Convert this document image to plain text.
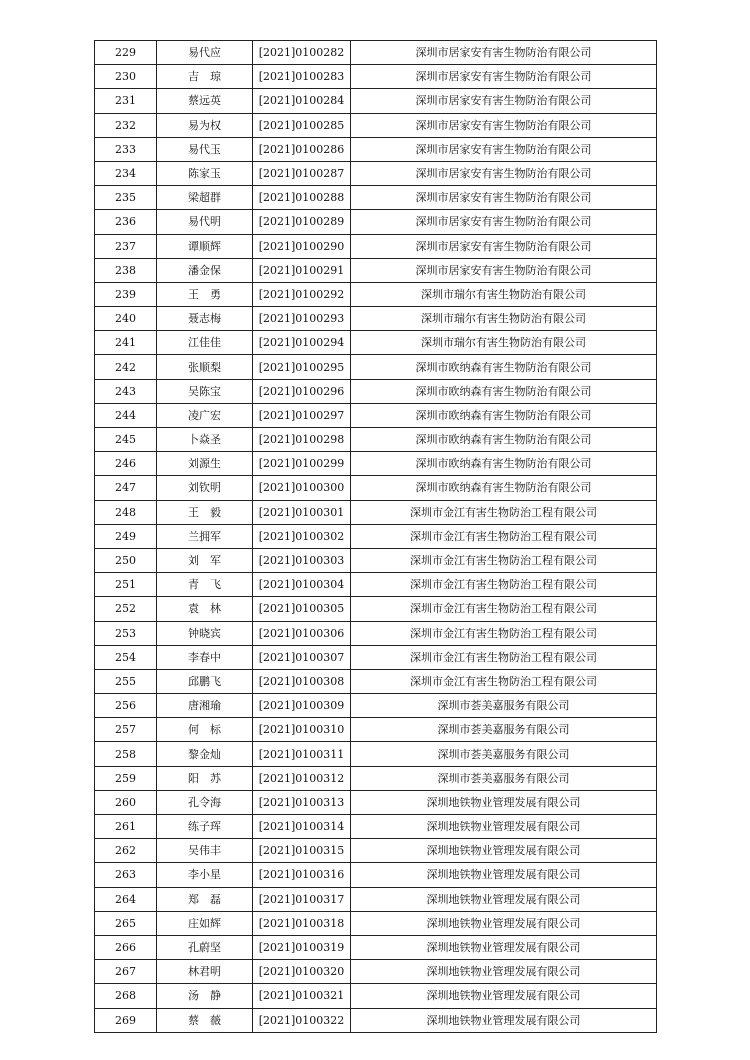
229	易代应	[2021]0100282	深圳市居家安有害生物防治有限公司
230	吉　琼	[2021]0100283	深圳市居家安有害生物防治有限公司
231	蔡远英	[2021]0100284	深圳市居家安有害生物防治有限公司
232	易为权	[2021]0100285	深圳市居家安有害生物防治有限公司
233	易代玉	[2021]0100286	深圳市居家安有害生物防治有限公司
234	陈家玉	[2021]0100287	深圳市居家安有害生物防治有限公司
235	梁超群	[2021]0100288	深圳市居家安有害生物防治有限公司
236	易代明	[2021]0100289	深圳市居家安有害生物防治有限公司
237	谭顺辉	[2021]0100290	深圳市居家安有害生物防治有限公司
238	潘金保	[2021]0100291	深圳市居家安有害生物防治有限公司
239	王　勇	[2021]0100292	深圳市瑞尔有害生物防治有限公司
240	聂志梅	[2021]0100293	深圳市瑞尔有害生物防治有限公司
241	江佳佳	[2021]0100294	深圳市瑞尔有害生物防治有限公司
242	张顺梨	[2021]0100295	深圳市欧纳森有害生物防治有限公司
243	吴陈宝	[2021]0100296	深圳市欧纳森有害生物防治有限公司
244	凌广宏	[2021]0100297	深圳市欧纳森有害生物防治有限公司
245	卜焱圣	[2021]0100298	深圳市欧纳森有害生物防治有限公司
246	刘源生	[2021]0100299	深圳市欧纳森有害生物防治有限公司
247	刘钦明	[2021]0100300	深圳市欧纳森有害生物防治有限公司
248	王　毅	[2021]0100301	深圳市金江有害生物防治工程有限公司
249	兰拥军	[2021]0100302	深圳市金江有害生物防治工程有限公司
250	刘　军	[2021]0100303	深圳市金江有害生物防治工程有限公司
251	青　飞	[2021]0100304	深圳市金江有害生物防治工程有限公司
252	袁　林	[2021]0100305	深圳市金江有害生物防治工程有限公司
253	钟晓宾	[2021]0100306	深圳市金江有害生物防治工程有限公司
254	李春中	[2021]0100307	深圳市金江有害生物防治工程有限公司
255	邱鹏飞	[2021]0100308	深圳市金江有害生物防治工程有限公司
256	唐湘瑜	[2021]0100309	深圳市荟美嘉服务有限公司
257	何　标	[2021]0100310	深圳市荟美嘉服务有限公司
258	黎金灿	[2021]0100311	深圳市荟美嘉服务有限公司
259	阳　苏	[2021]0100312	深圳市荟美嘉服务有限公司
260	孔令海	[2021]0100313	深圳地铁物业管理发展有限公司
261	练子珲	[2021]0100314	深圳地铁物业管理发展有限公司
262	吴伟丰	[2021]0100315	深圳地铁物业管理发展有限公司
263	李小星	[2021]0100316	深圳地铁物业管理发展有限公司
264	郑　磊	[2021]0100317	深圳地铁物业管理发展有限公司
265	庄如辉	[2021]0100318	深圳地铁物业管理发展有限公司
266	孔蔚坚	[2021]0100319	深圳地铁物业管理发展有限公司
267	林君明	[2021]0100320	深圳地铁物业管理发展有限公司
268	汤　静	[2021]0100321	深圳地铁物业管理发展有限公司
269	蔡　薇	[2021]0100322	深圳地铁物业管理发展有限公司
